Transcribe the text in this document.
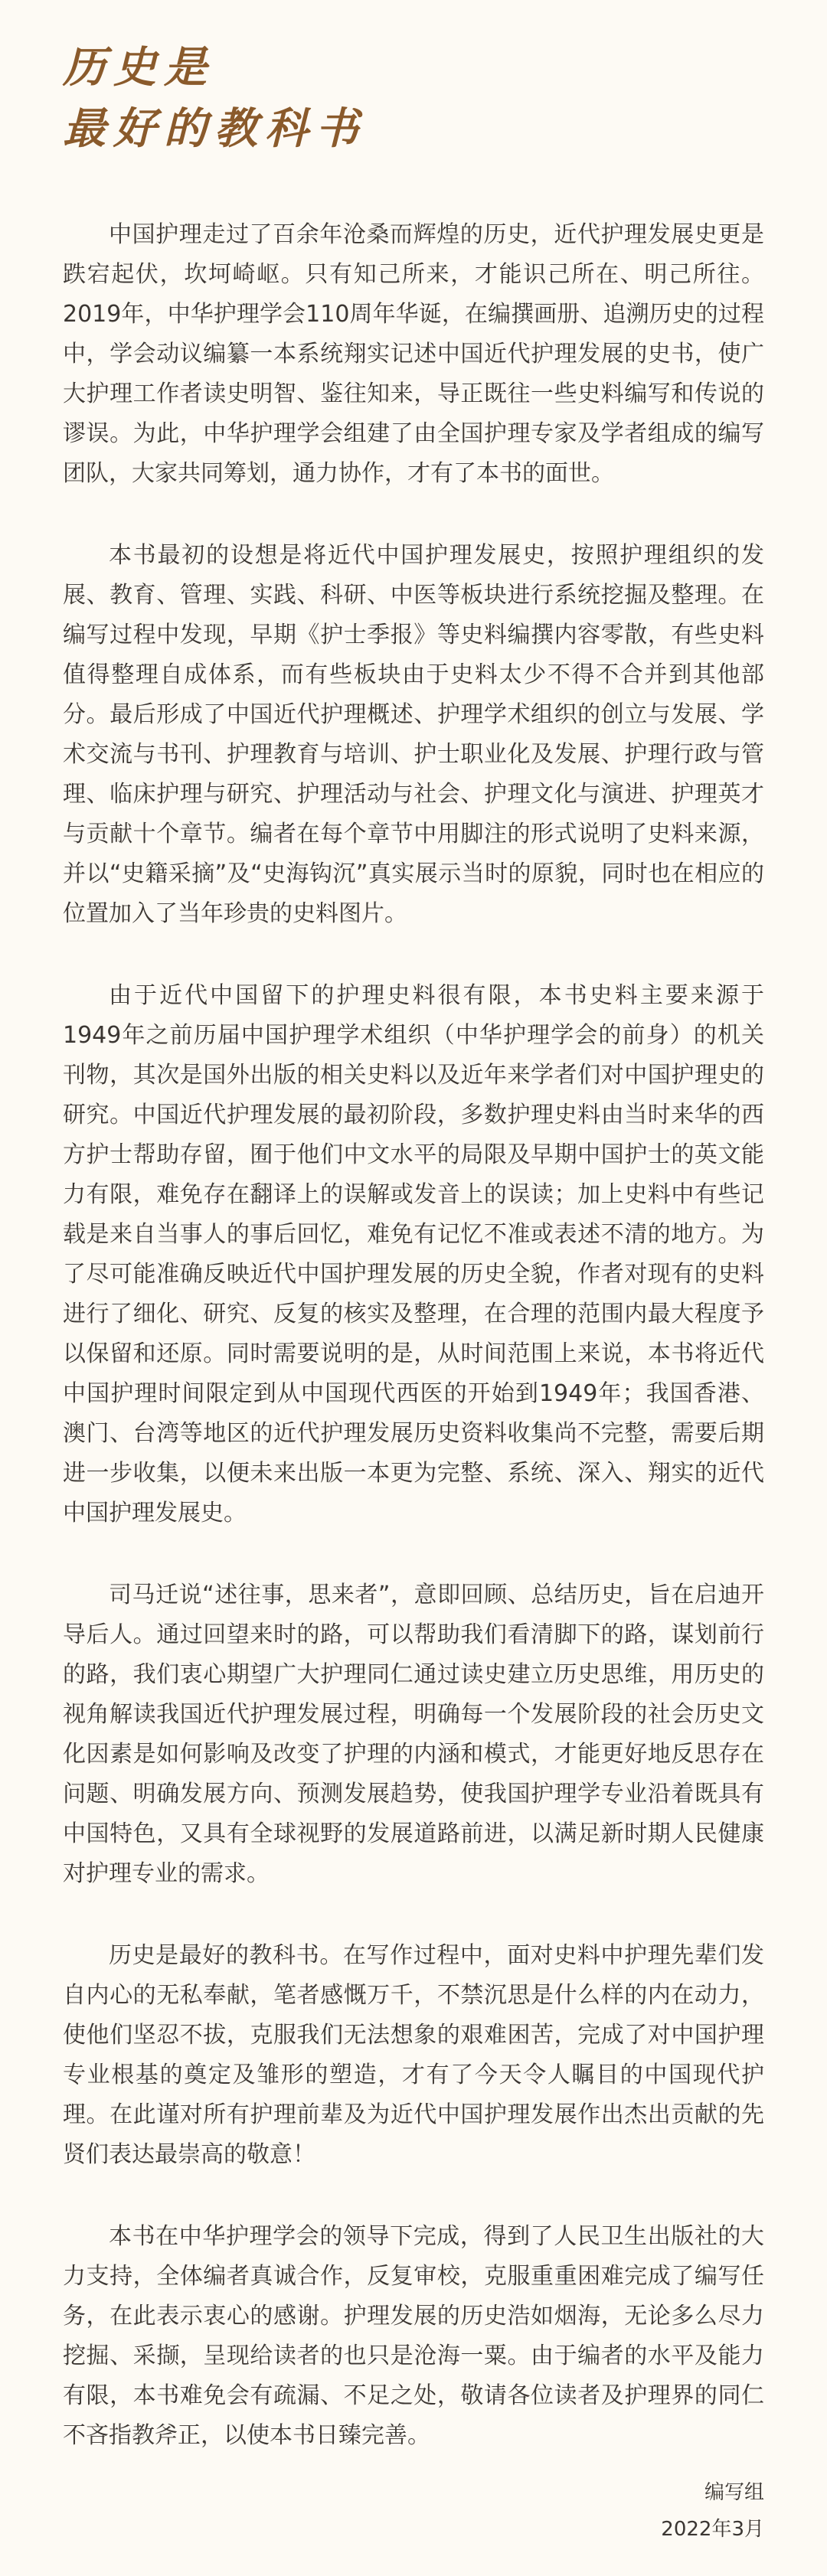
历史是
最好的教科书

中国护理走过了百余年沧桑而辉煌的历史，近代护理发展史更是跌宕起伏，坎坷崎岖。只有知己所来，才能识己所在、明己所往。2019年，中华护理学会110周年华诞，在编撰画册、追溯历史的过程中，学会动议编纂一本系统翔实记述中国近代护理发展的史书，使广大护理工作者读史明智、鉴往知来，导正既往一些史料编写和传说的谬误。为此，中华护理学会组建了由全国护理专家及学者组成的编写团队，大家共同筹划，通力协作，才有了本书的面世。

本书最初的设想是将近代中国护理发展史，按照护理组织的发展、教育、管理、实践、科研、中医等板块进行系统挖掘及整理。在编写过程中发现，早期《护士季报》等史料编撰内容零散，有些史料值得整理自成体系，而有些板块由于史料太少不得不合并到其他部分。最后形成了中国近代护理概述、护理学术组织的创立与发展、学术交流与书刊、护理教育与培训、护士职业化及发展、护理行政与管理、临床护理与研究、护理活动与社会、护理文化与演进、护理英才与贡献十个章节。编者在每个章节中用脚注的形式说明了史料来源，并以“史籍采摘”及“史海钩沉”真实展示当时的原貌，同时也在相应的位置加入了当年珍贵的史料图片。

由于近代中国留下的护理史料很有限，本书史料主要来源于1949年之前历届中国护理学术组织（中华护理学会的前身）的机关刊物，其次是国外出版的相关史料以及近年来学者们对中国护理史的研究。中国近代护理发展的最初阶段，多数护理史料由当时来华的西方护士帮助存留，囿于他们中文水平的局限及早期中国护士的英文能力有限，难免存在翻译上的误解或发音上的误读；加上史料中有些记载是来自当事人的事后回忆，难免有记忆不准或表述不清的地方。为了尽可能准确反映近代中国护理发展的历史全貌，作者对现有的史料进行了细化、研究、反复的核实及整理，在合理的范围内最大程度予以保留和还原。同时需要说明的是，从时间范围上来说，本书将近代中国护理时间限定到从中国现代西医的开始到1949年；我国香港、澳门、台湾等地区的近代护理发展历史资料收集尚不完整，需要后期进一步收集，以便未来出版一本更为完整、系统、深入、翔实的近代中国护理发展史。

司马迁说“述往事，思来者”，意即回顾、总结历史，旨在启迪开导后人。通过回望来时的路，可以帮助我们看清脚下的路，谋划前行的路，我们衷心期望广大护理同仁通过读史建立历史思维，用历史的视角解读我国近代护理发展过程，明确每一个发展阶段的社会历史文化因素是如何影响及改变了护理的内涵和模式，才能更好地反思存在问题、明确发展方向、预测发展趋势，使我国护理学专业沿着既具有中国特色，又具有全球视野的发展道路前进，以满足新时期人民健康对护理专业的需求。

历史是最好的教科书。在写作过程中，面对史料中护理先辈们发自内心的无私奉献，笔者感慨万千，不禁沉思是什么样的内在动力，使他们坚忍不拔，克服我们无法想象的艰难困苦，完成了对中国护理专业根基的奠定及雏形的塑造，才有了今天令人瞩目的中国现代护理。在此谨对所有护理前辈及为近代中国护理发展作出杰出贡献的先贤们表达最崇高的敬意！

本书在中华护理学会的领导下完成，得到了人民卫生出版社的大力支持，全体编者真诚合作，反复审校，克服重重困难完成了编写任务，在此表示衷心的感谢。护理发展的历史浩如烟海，无论多么尽力挖掘、采撷，呈现给读者的也只是沧海一粟。由于编者的水平及能力有限，本书难免会有疏漏、不足之处，敬请各位读者及护理界的同仁不吝指教斧正，以使本书日臻完善。

编写组
2022年3月
